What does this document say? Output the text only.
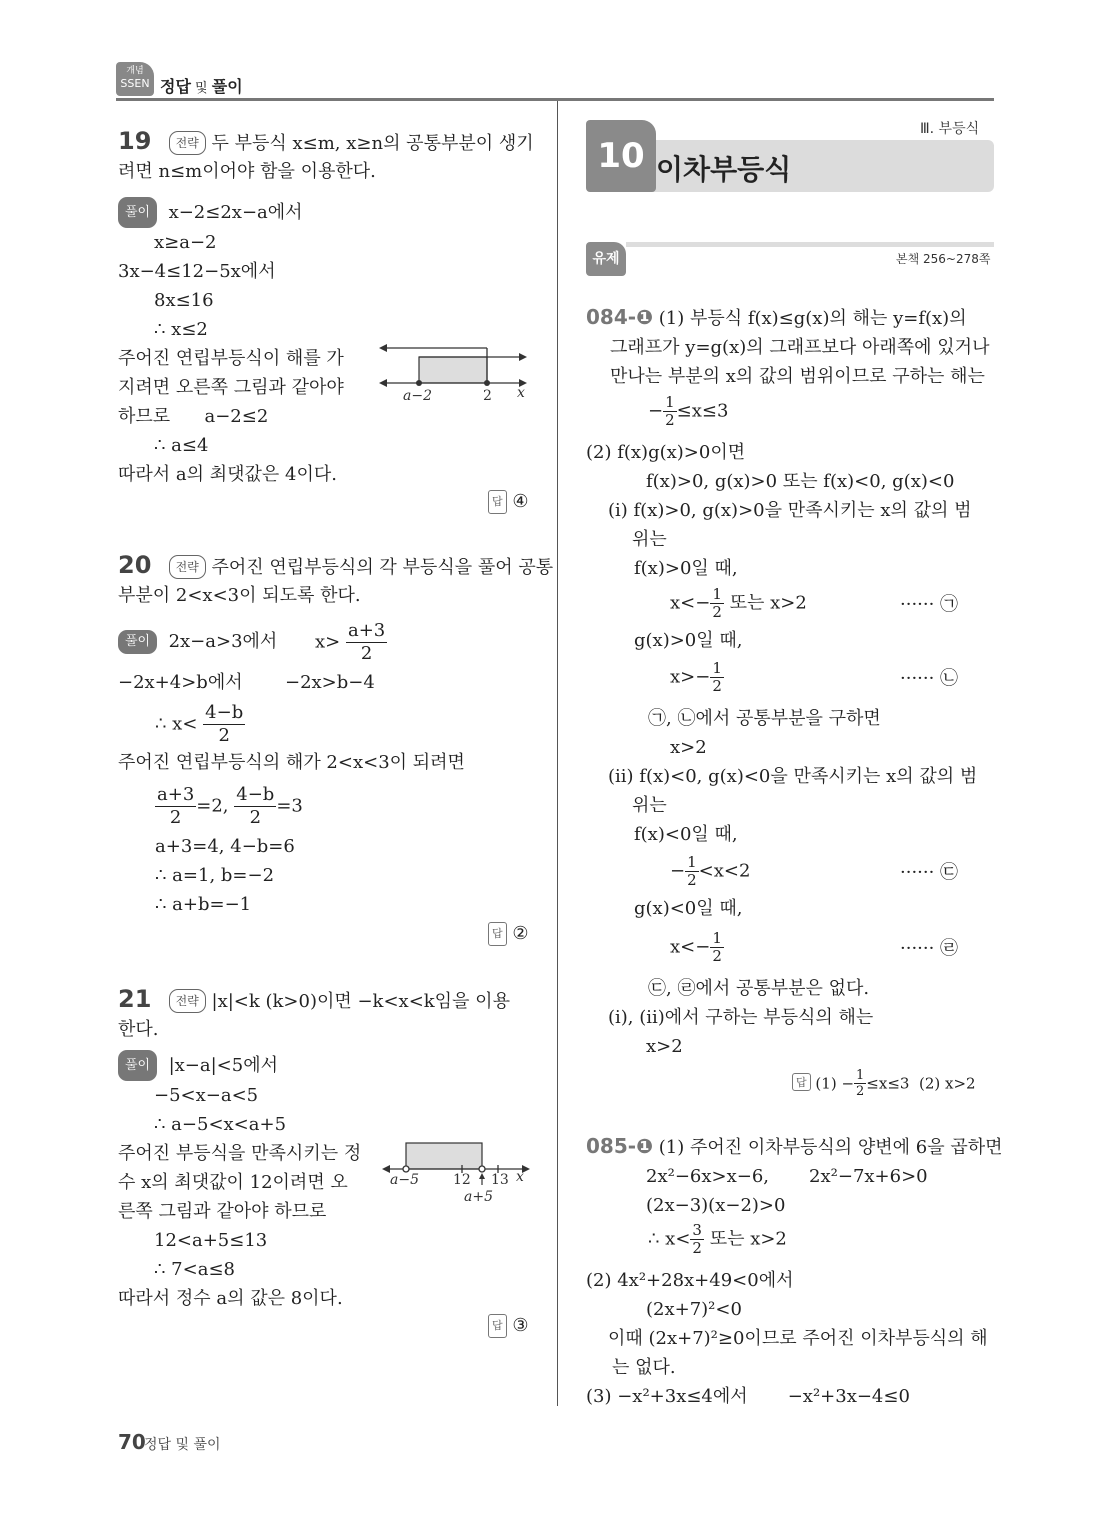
개념
SSEN 정답 및 풀이
19 전략 두 부등식 x≤m, x≥n의 공통부분이 생기
려면 n≤m이어야 함을 이용한다.
풀이 x−2≤2x−a에서
x≥a−2
3x−4≤12−5x에서
8x≤16
∴ x≤2
주어진 연립부등식이 해를 가
지려면 오른쪽 그림과 같아야
하므로      a−2≤2
∴ a≤4
따라서 a의 최댓값은 4이다.
a−2	2 x
답 ④
20 전략 주어진 연립부등식의 각 부등식을 풀어 공통
부분이 2<x<3이 되도록 한다.
풀이 2x−a>3에서 $x> \frac{a+3}{2}$
−2x+4>b에서 −2x>b−4
∴ $x< \frac{4-b}{2}$
주어진 연립부등식의 해가 2<x<3이 되려면
$\frac{a+3}{2} =2$, $\frac{4-b}{2} =3$
a+3=4, 4−b=6
∴ a=1, b=−2
∴ a+b=−1
답 ②
21 전략 |x|<k (k>0)이면 −k<x<k임을 이용
한다.
풀이 |x−a|<5에서
−5<x−a<5
∴ a−5<x<a+5
주어진 부등식을 만족시키는 정
수 x의 최댓값이 12이려면 오
른쪽 그림과 같아야 하므로
12<a+5≤13
∴ 7<a≤8
따라서 정수 a의 값은 8이다.
a−5 12 13 x
a+5
답 ③
Ⅲ. 부등식
10 이차부등식
유제	본책 256~278쪽
084-❶ (1) 부등식 f(x)≤g(x)의 해는 y=f(x)의
그래프가 y=g(x)의 그래프보다 아래쪽에 있거나
만나는 부분의 x의 값의 범위이므로 구하는 해는
− $\frac{1}{2} \le x\le 3$
(2) f(x)g(x)>0이면
f(x)>0, g(x)>0 또는 f(x)<0, g(x)<0
(ⅰ) f(x)>0, g(x)>0을 만족시키는 x의 값의 범
위는
f(x)>0일 때,
$x<- \frac{1}{2}$ 또는 x>2	······ ㉠
g(x)>0일 때,
$x>- \frac{1}{2}$	······ ㉡
㉠, ㉡에서 공통부분을 구하면
x>2
(ⅱ) f(x)<0, g(x)<0을 만족시키는 x의 값의 범
위는
f(x)<0일 때,
− $\frac{1}{2} <x<2$	······ ㉢
g(x)<0일 때,
$x<- \frac{1}{2}$	······ ㉣
㉢, ㉣에서 공통부분은 없다.
(ⅰ), (ⅱ)에서 구하는 부등식의 해는
x>2
답 $(1) - \frac{1}{2} \le x\le 3$  (2) x>2
085-❶ (1) 주어진 이차부등식의 양변에 6을 곱하면
2x²−6x>x−6,       2x²−7x+6>0
(2x−3)(x−2)>0
∴ $x< \frac{3}{2}$ 또는 x>2
(2) 4x²+28x+49<0에서
(2x+7)²<0
이때 (2x+7)²≥0이므로 주어진 이차부등식의 해
는 없다.
(3) −x²+3x≤4에서       −x²+3x−4≤0
70
정답 및 풀이
